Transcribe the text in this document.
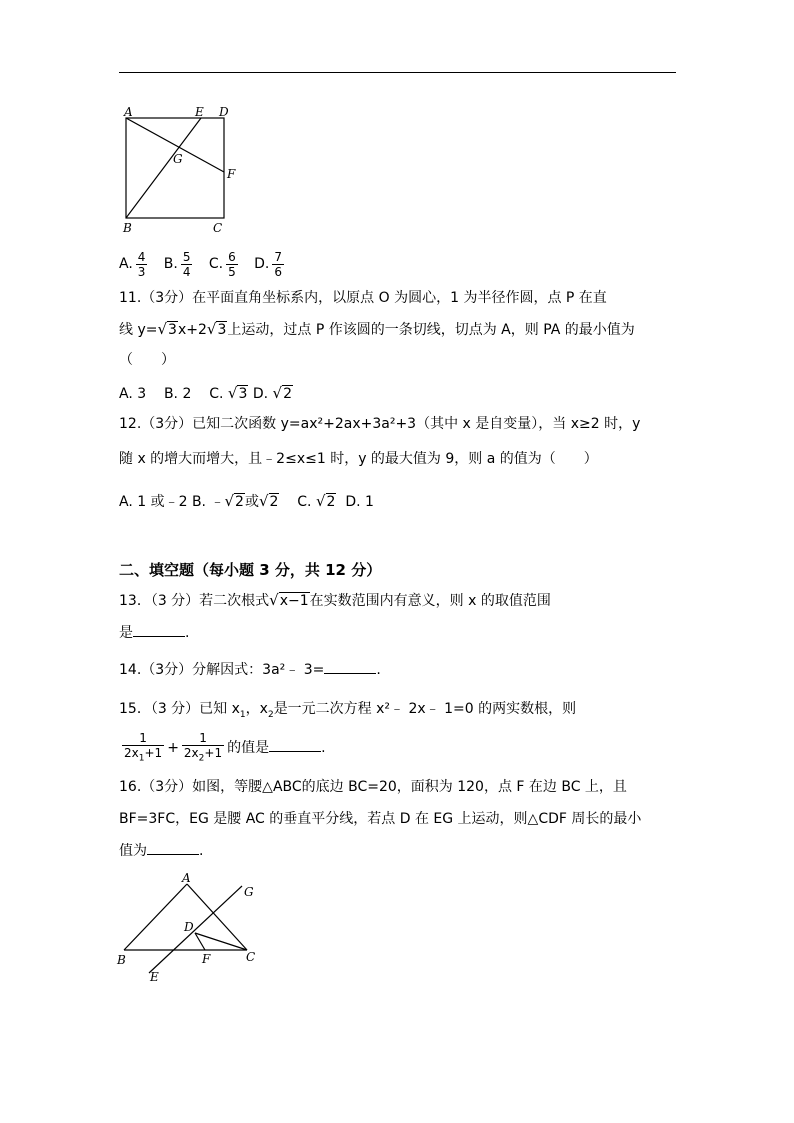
A	E D
G
F
B	C
A. $\frac{4}{3} B$. $\frac{5}{4} C$. $\frac{6}{5} D$. $\frac{7}{6}$
11.（3分）在平面直角坐标系内，以原点 O 为圆心，1 为半径作圆，点 P 在直
线 y=√3x+2√3上运动，过点 P 作该圆的一条切线，切点为 A，则 PA 的最小值为
（　　）
A. 3 B. 2 C. √3 D. √2
12.（3分）已知二次函数 y=ax²+2ax+3a²+3（其中 x 是自变量），当 x≥2 时，y
随 x 的增大而增大，且﹣2≤x≤1 时，y 的最大值为 9，则 a 的值为（　　）
A. 1 或﹣2 B. ﹣√2或√2 C. √2 D. 1
二、填空题（每小题 3 分，共 12 分）
13．（3 分）若二次根式√x−1在实数范围内有意义，则 x 的取值范围
是	.
14.（3分）分解因式：3a²﹣ 3=	.
15．（3 分）已知 $x_1$，$x_2$是一元二次方程 x²﹣ 2x﹣ 1=0 的两实数根，则
$\frac{1}{2x_1+1} + \frac{1}{2x_2+1}$ 的值是	.
16.（3分）如图，等腰△ABC的底边 BC=20，面积为 120，点 F 在边 BC 上，且
BF=3FC，EG 是腰 AC 的垂直平分线，若点 D 在 EG 上运动，则△CDF 周长的最小
值为	.
A
G
D
B	F	C
E
